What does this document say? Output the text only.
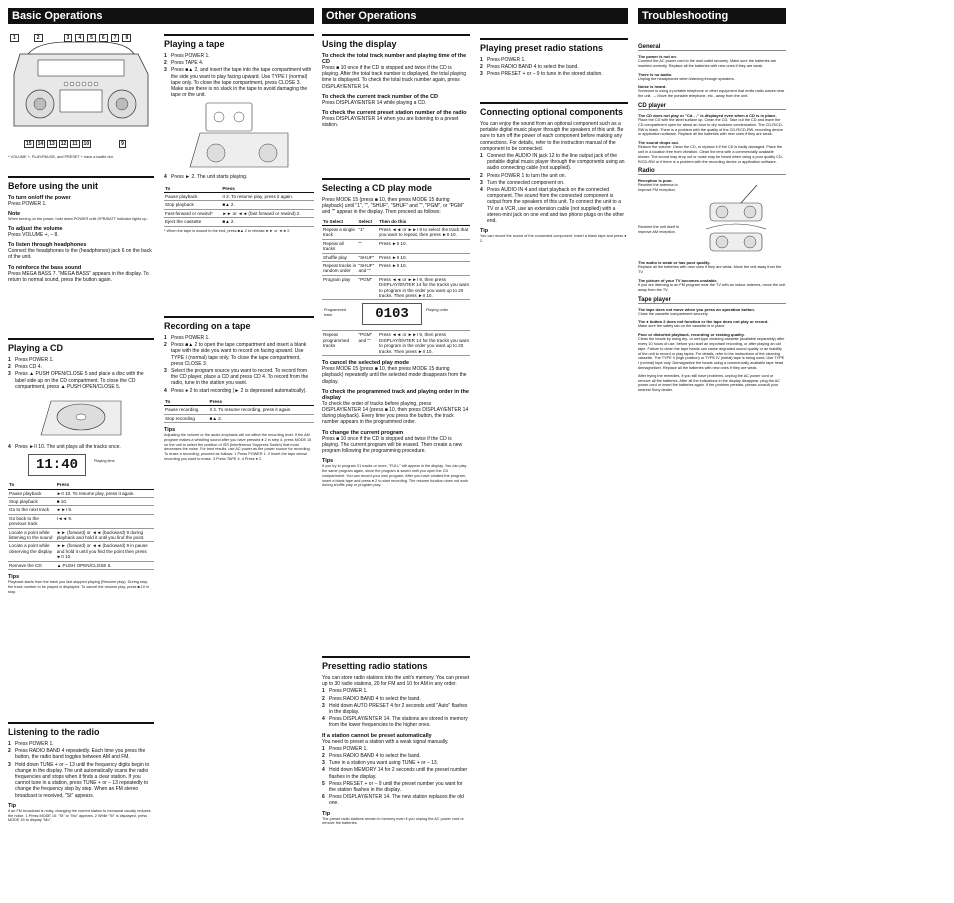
Basic Operations	Other Operations	Troubleshooting
1	2	3	4	5	6	7	8
15	14	13	12	11	10	9
* VOLUME +, PLAY/PAUSE, and PRESET + have a tactile dot.
Before using the unit
To turn on/off the power
Press POWER 1.
Note
When turning on the power, hold down POWER until OPR/BATT indicator lights up.
To adjust the volume
Press VOLUME +, – 8.
To listen through headphones
Connect the headphones to the (headphones) jack 6 on the back of the unit.
To reinforce the bass sound
Press MEGA BASS 7. "MEGA BASS" appears in the display. To return to normal sound, press the button again.
Playing a CD
1 Press POWER 1.
2 Press CD 4.
3 Press ▲ PUSH OPEN/CLOSE 5 and place a disc with the label side up on the CD compartment. To close the CD compartment, press ▲ PUSH OPEN/CLOSE 5.
4 Press ►II 10. The unit plays all the tracks once.
11:40	Playing time
To	Press
Pause playback	►II 10. To resume play, press it again.
Stop playback	■ 10.
Go to the next track	►►I 9.
Go back to the previous track	I◄◄ 9.
Locate a point while listening to the sound	►► (forward) or ◄◄ (backward) 9 during playback and hold it until you find the point.
Locate a point while observing the display	►► (forward) or ◄◄ (backward) 9 in pause and hold it until you find the point then press ►II 10.
Remove the CD	▲ PUSH OPEN/CLOSE 5.
Tips
Playback starts from the track you last stopped playing (Resume play). During stop, the track number to be played is displayed. To cancel the resume play, press ■ 10 in stop.
Listening to the radio
1 Press POWER 1.
2 Press RADIO BAND 4 repeatedly. Each time you press the button, the radio band toggles between AM and FM.
3 Hold down TUNE + or – 13 until the frequency digits begin to change in the display. The unit automatically scans the radio frequencies and stops when it finds a clear station. If you cannot tune in a station, press TUNE + or – 13 repeatedly to change the frequency step by step. When an FM stereo broadcast is received, "St" appears.
Tip
If an FM broadcast is noisy, changing the current station to monaural usually reduces the noise. 1 Press MODE 15: "St" or "Mo" appears. 2 While "St" is displayed, press MODE 15 to display "Mo".
Playing a tape
1 Press POWER 1.
2 Press TAPE 4.
3 Press ■▲ 2, and insert the tape into the tape compartment with the side you want to play facing upward. Use TYPE I (normal) tape only. To close the tape compartment, press CLOSE 3. Make sure there is no slack in the tape to avoid damaging the tape or the unit.
4 Press ► 2. The unit starts playing.
To	Press
Pause playback	II 2. To resume play, press it again.
Stop playback	■▲ 2.
Fast-forward or rewind*	►► or ◄◄ (fast forward or rewind) 2.
Eject the cassette	■▲ 2.
* When the tape is wound to the end, press ■▲ 2 to release ►► or ◄◄ 2.
Recording on a tape
1 Press POWER 1.
2 Press ■▲ 2 to open the tape compartment and insert a blank tape with the side you want to record on facing upward. Use TYPE I (normal) tape only. To close the tape compartment, press CLOSE 3.
3 Select the program source you want to record. To record from the CD player, place a CD and press CD 4. To record from the radio, tune in the station you want.
4 Press ● 2 to start recording (► 2 is depressed automatically).
To	Press
Pause recording	II 2. To resume recording, press it again.
Stop recording	■▲ 2.
Tips
Adjusting the volume or the audio emphasis will not affect the recording level. If the AM program makes a whistling sound after you have pressed ● 2 in step 4, press MODE 15 on the unit to select the position of ISS (Interference Suppress Switch) that most decreases the noise. For best results, use AC power as the power source for recording. To erase a recording, proceed as follows: 1 Press POWER 1. 2 Insert the tape whose recording you want to erase. 3 Press TAPE 4. 4 Press ● 2.
Using the display
To check the total track number and playing time of the CD
Press ■ 10 once if the CD is stopped and twice if the CD is playing. After the total track number is displayed, the total playing time is displayed. To check the total track number again, press DISPLAY/ENTER 14.
To check the current track number of the CD
Press DISPLAY/ENTER 14 while playing a CD.
To check the current preset station number of the radio
Press DISPLAY/ENTER 14 when you are listening to a preset station.
Selecting a CD play mode
Press MODE 15 (press ■ 10, then press MODE 15 during playback) until "1", "", "SHUF", "SHUF" and "", "PGM", or "PGM" and "" appear in the display. Then proceed as follows:
To Select	Select	Then do this
Repeat a single track	"1"	Press ◄◄ or ►►I 9 to select the track that you want to repeat, then press ►II 10.
Repeat all tracks	""	Press ►II 10.
Shuffle play	"SHUF"	Press ►II 10.
Repeat tracks in random order	"SHUF" and ""	Press ►II 10.
Program play	"PGM"	Press ◄◄ or ►►I 9, then press DISPLAY/ENTER 14 for the tracks you want to program in the order you want up to 20 tracks. Then press ►II 10.

Programmed track 0103 Playing order		

Repeat programmed tracks	"PGM" and ""	Press ◄◄ or ►►I 9, then press DISPLAY/ENTER 14 for the tracks you want to program in the order you want up to 20 tracks. Then press ►II 10.
To cancel the selected play mode
Press MODE 15 (press ■ 10, then press MODE 15 during playback) repeatedly until the selected mode disappears from the display.
To check the programmed track and playing order in the display
To check the order of tracks before playing, press DISPLAY/ENTER 14 (press ■ 10, then press DISPLAY/ENTER 14 during playback). Every time you press the button, the track number appears in the programmed order.
To change the current program
Press ■ 10 once if the CD is stopped and twice if the CD is playing. The current program will be erased. Then create a new program following the programming procedure.
Tips
If you try to program 21 tracks or more, "FULL" will appear in the display. You can play the same program again, since the program is saved until you open the CD compartment. You can record your own program. After you have created the program, insert a blank tape and press ● 2 to start recording. The resume function does not work during shuffle play or program play.
Presetting radio stations
You can store radio stations into the unit's memory. You can preset up to 30 radio stations, 20 for FM and 10 for AM in any order.
1 Press POWER 1.
2 Press RADIO BAND 4 to select the band.
3 Hold down AUTO PRESET 4 for 2 seconds until "Auto" flashes in the display.
4 Press DISPLAY/ENTER 14. The stations are stored in memory from the lower frequencies to the higher ones.
If a station cannot be preset automatically
You need to preset a station with a weak signal manually.
1 Press POWER 1.
2 Press RADIO BAND 4 to select the band.
3 Tune in a station you want using TUNE + or – 13.
4 Hold down MEMORY 14 for 2 seconds until the preset number flashes in the display.
5 Press PRESET + or – 9 until the preset number you want for the station flashes in the display.
6 Press DISPLAY/ENTER 14. The new station replaces the old one.
Tip
The preset radio stations remain in memory even if you unplug the AC power cord or remove the batteries.
Playing preset radio stations
1 Press POWER 1.
2 Press RADIO BAND 4 to select the band.
3 Press PRESET + or – 9 to tune in the stored station.
Connecting optional components
You can enjoy the sound from an optional component such as a portable digital music player through the speakers of this unit. Be sure to turn off the power of each component before making any connections. For details, refer to the instruction manual of the component to be connected.
1 Connect the AUDIO IN jack 12 to the line output jack of the portable digital music player through the components using an audio connecting cable (not supplied).
2 Press POWER 1 to turn the unit on.
3 Turn the connected component on.
4 Press AUDIO IN 4 and start playback on the connected component. The sound from the connected component is output from the speakers of this unit. To connect the unit to a TV or a VCR, use an extension cable (not supplied) with a stereo-mini jack on one end and two phono plugs on the other end.
Tip
You can record the sound of the connected component. Insert a blank tape and press ● 2.
General
The power is not on.
Connect the AC power cord to the wall outlet securely. Make sure the batteries are inserted correctly. Replace all the batteries with new ones if they are weak.
There is no audio.
Unplug the headphones when listening through speakers.
Noise is heard.
Someone is using a portable telephone or other equipment that emits radio waves near the unit. → Move the portable telephone, etc., away from the unit.
CD player
The CD does not play or "Cd - -" is displayed even when a CD is in place.
Place the CD with the label surface up. Clean the CD. Take out the CD and leave the CD compartment open for about an hour to dry moisture condensation. The CD-R/CD-RW is blank. There is a problem with the quality of the CD-R/CD-RW, recording device or application software. Replace all the batteries with new ones if they are weak.
The sound drops out.
Reduce the volume. Clean the CD, or replace it if the CD is badly damaged. Place the unit in a location free from vibration. Clean the lens with a commercially available blower. The sound may drop out or noise may be heard when using a poor quality CD-R/CD-RW or if there is a problem with the recording device or application software.
Radio
Reception is poor.
Reorient the antenna to improve FM reception.
Reorient the unit itself to improve AM reception.
The audio is weak or has poor quality.
Replace all the batteries with new ones if they are weak. Move the unit away from the TV.
The picture of your TV becomes unstable.
If you are listening to an FM program near the TV with an indoor antenna, move the unit away from the TV.
Tape player
The tape does not move when you press an operation button.
Close the cassette compartment securely.
The ● button 2 does not function or the tape does not play or record.
Make sure the safety tab on the cassette is in place.
Poor or distorted playback, recording or erasing quality.
Clean the heads by using dry- or wet-type cleaning cassette (available separately) after every 10 hours of use, before you start an important recording, or after playing an old tape. Failure to clean the tape heads can cause degraded sound quality or an inability of the unit to record or play tapes. For details, refer to the instructions of the cleaning cassette. The TYPE II (high position) or TYPE IV (metal) tape is being used. Use TYPE I (normal) tape only. Demagnetize the heads using a commercially available tape head demagnetizer. Replace all the batteries with new ones if they are weak.
After trying the remedies, if you still have problems, unplug the AC power cord or remove all the batteries. After all the indications in the display disappear, plug the AC power cord or insert the batteries again. If the problem persists, please consult your nearest Sony dealer.
